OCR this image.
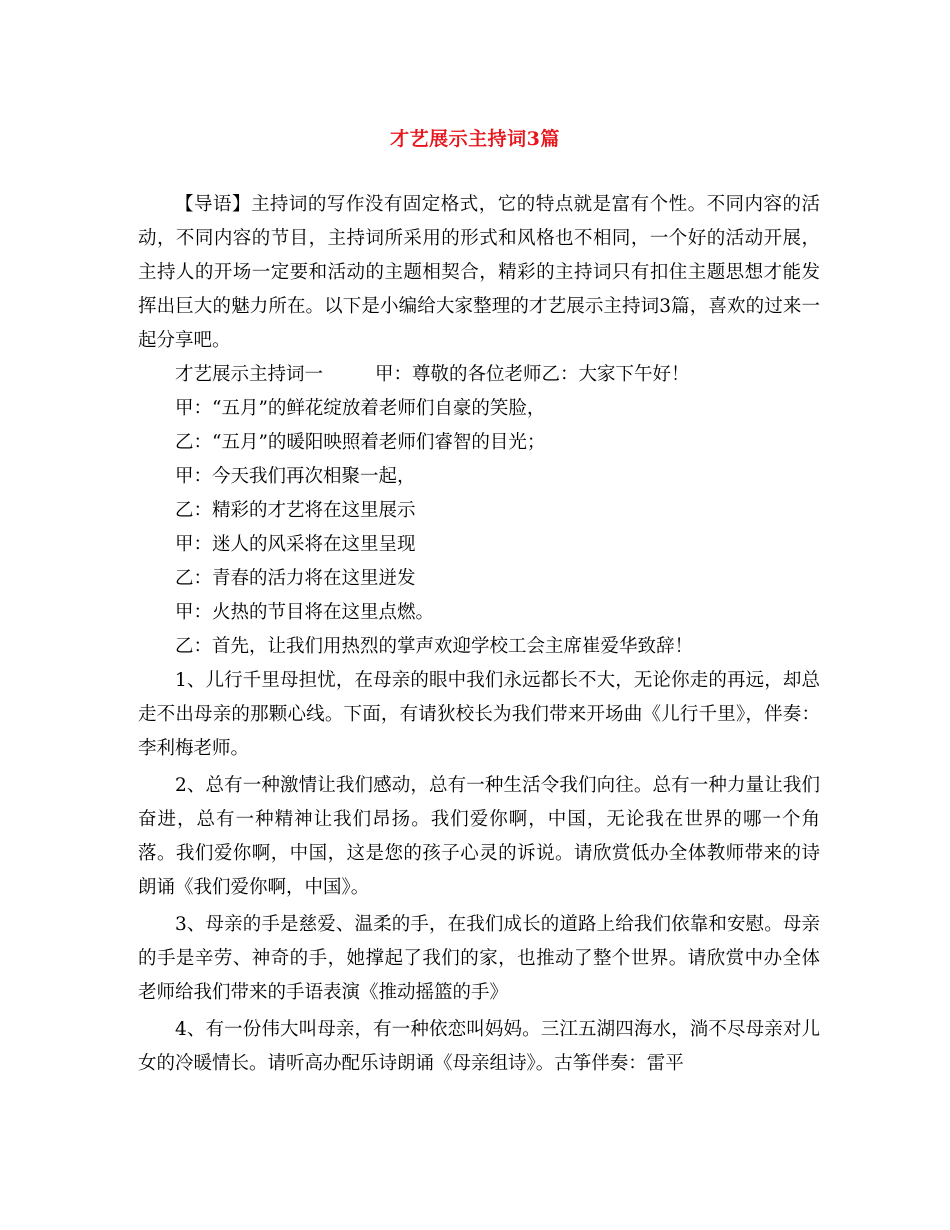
才艺展示主持词3篇

【导语】主持词的写作没有固定格式，它的特点就是富有个性。不同内容的活动，不同内容的节目，主持词所采用的形式和风格也不相同，一个好的活动开展，主持人的开场一定要和活动的主题相契合，精彩的主持词只有扣住主题思想才能发挥出巨大的魅力所在。以下是小编给大家整理的才艺展示主持词3篇，喜欢的过来一起分享吧。

才艺展示主持词一	甲：尊敬的各位老师乙：大家下午好！

甲：“五月”的鲜花绽放着老师们自豪的笑脸，

乙：“五月”的暖阳映照着老师们睿智的目光；

甲：今天我们再次相聚一起，

乙：精彩的才艺将在这里展示

甲：迷人的风采将在这里呈现

乙：青春的活力将在这里迸发

甲：火热的节目将在这里点燃。

乙：首先，让我们用热烈的掌声欢迎学校工会主席崔爱华致辞！

1、儿行千里母担忧，在母亲的眼中我们永远都长不大，无论你走的再远，却总走不出母亲的那颗心线。下面，有请狄校长为我们带来开场曲《儿行千里》，伴奏：李利梅老师。

2、总有一种激情让我们感动，总有一种生活令我们向往。总有一种力量让我们奋进，总有一种精神让我们昂扬。我们爱你啊，中国，无论我在世界的哪一个角落。我们爱你啊，中国，这是您的孩子心灵的诉说。请欣赏低办全体教师带来的诗朗诵《我们爱你啊，中国》。

3、母亲的手是慈爱、温柔的手，在我们成长的道路上给我们依靠和安慰。母亲的手是辛劳、神奇的手，她撑起了我们的家，也推动了整个世界。请欣赏中办全体老师给我们带来的手语表演《推动摇篮的手》

4、有一份伟大叫母亲，有一种依恋叫妈妈。三江五湖四海水，淌不尽母亲对儿女的冷暖情长。请听高办配乐诗朗诵《母亲组诗》。古筝伴奏：雷平
